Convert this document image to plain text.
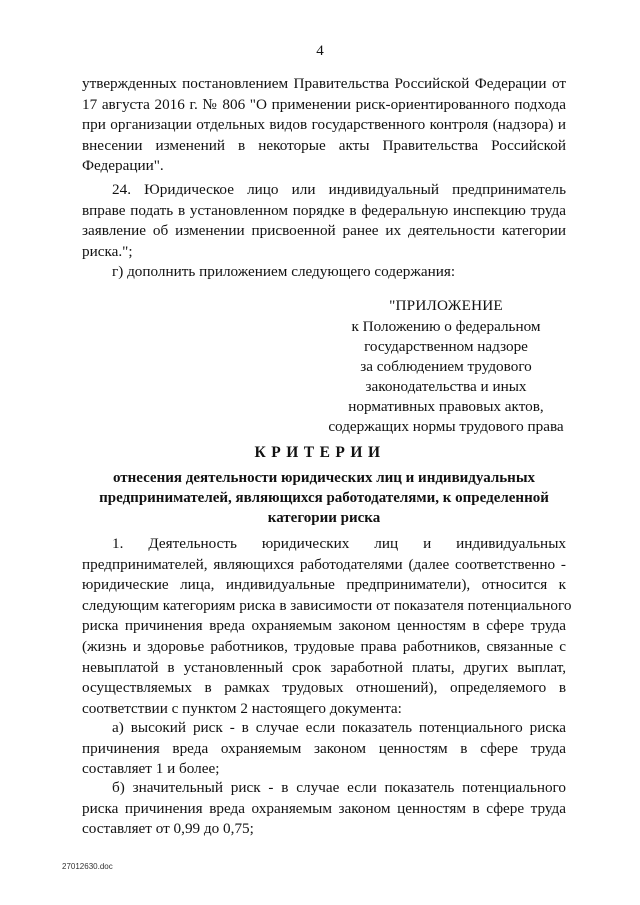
4
утвержденных постановлением Правительства Российской Федерации от
17 августа 2016 г. № 806 "О применении риск-ориентированного подхода
при организации отдельных видов государственного контроля (надзора) и
внесении изменений в некоторые акты Правительства Российской
Федерации".
24. Юридическое лицо или индивидуальный предприниматель
вправе подать в установленном порядке в федеральную инспекцию труда
заявление об изменении присвоенной ранее их деятельности категории
риска.";
г) дополнить приложением следующего содержания:
"ПРИЛОЖЕНИЕ
к Положению о федеральном
государственном надзоре
за соблюдением трудового
законодательства и иных
нормативных правовых актов,
содержащих нормы трудового права
КРИТЕРИИ
отнесения деятельности юридических лиц и индивидуальных
предпринимателей, являющихся работодателями, к определенной
категории риска
1. Деятельность юридических лиц и индивидуальных
предпринимателей, являющихся работодателями (далее соответственно -
юридические лица, индивидуальные предприниматели), относится к
следующим категориям риска в зависимости от показателя потенциального
риска причинения вреда охраняемым законом ценностям в сфере труда
(жизнь и здоровье работников, трудовые права работников, связанные с
невыплатой в установленный срок заработной платы, других выплат,
осуществляемых в рамках трудовых отношений), определяемого в
соответствии с пунктом 2 настоящего документа:
а) высокий риск - в случае если показатель потенциального риска
причинения вреда охраняемым законом ценностям в сфере труда
составляет 1 и более;
б) значительный риск - в случае если показатель потенциального
риска причинения вреда охраняемым законом ценностям в сфере труда
составляет от 0,99 до 0,75;
27012630.doc
